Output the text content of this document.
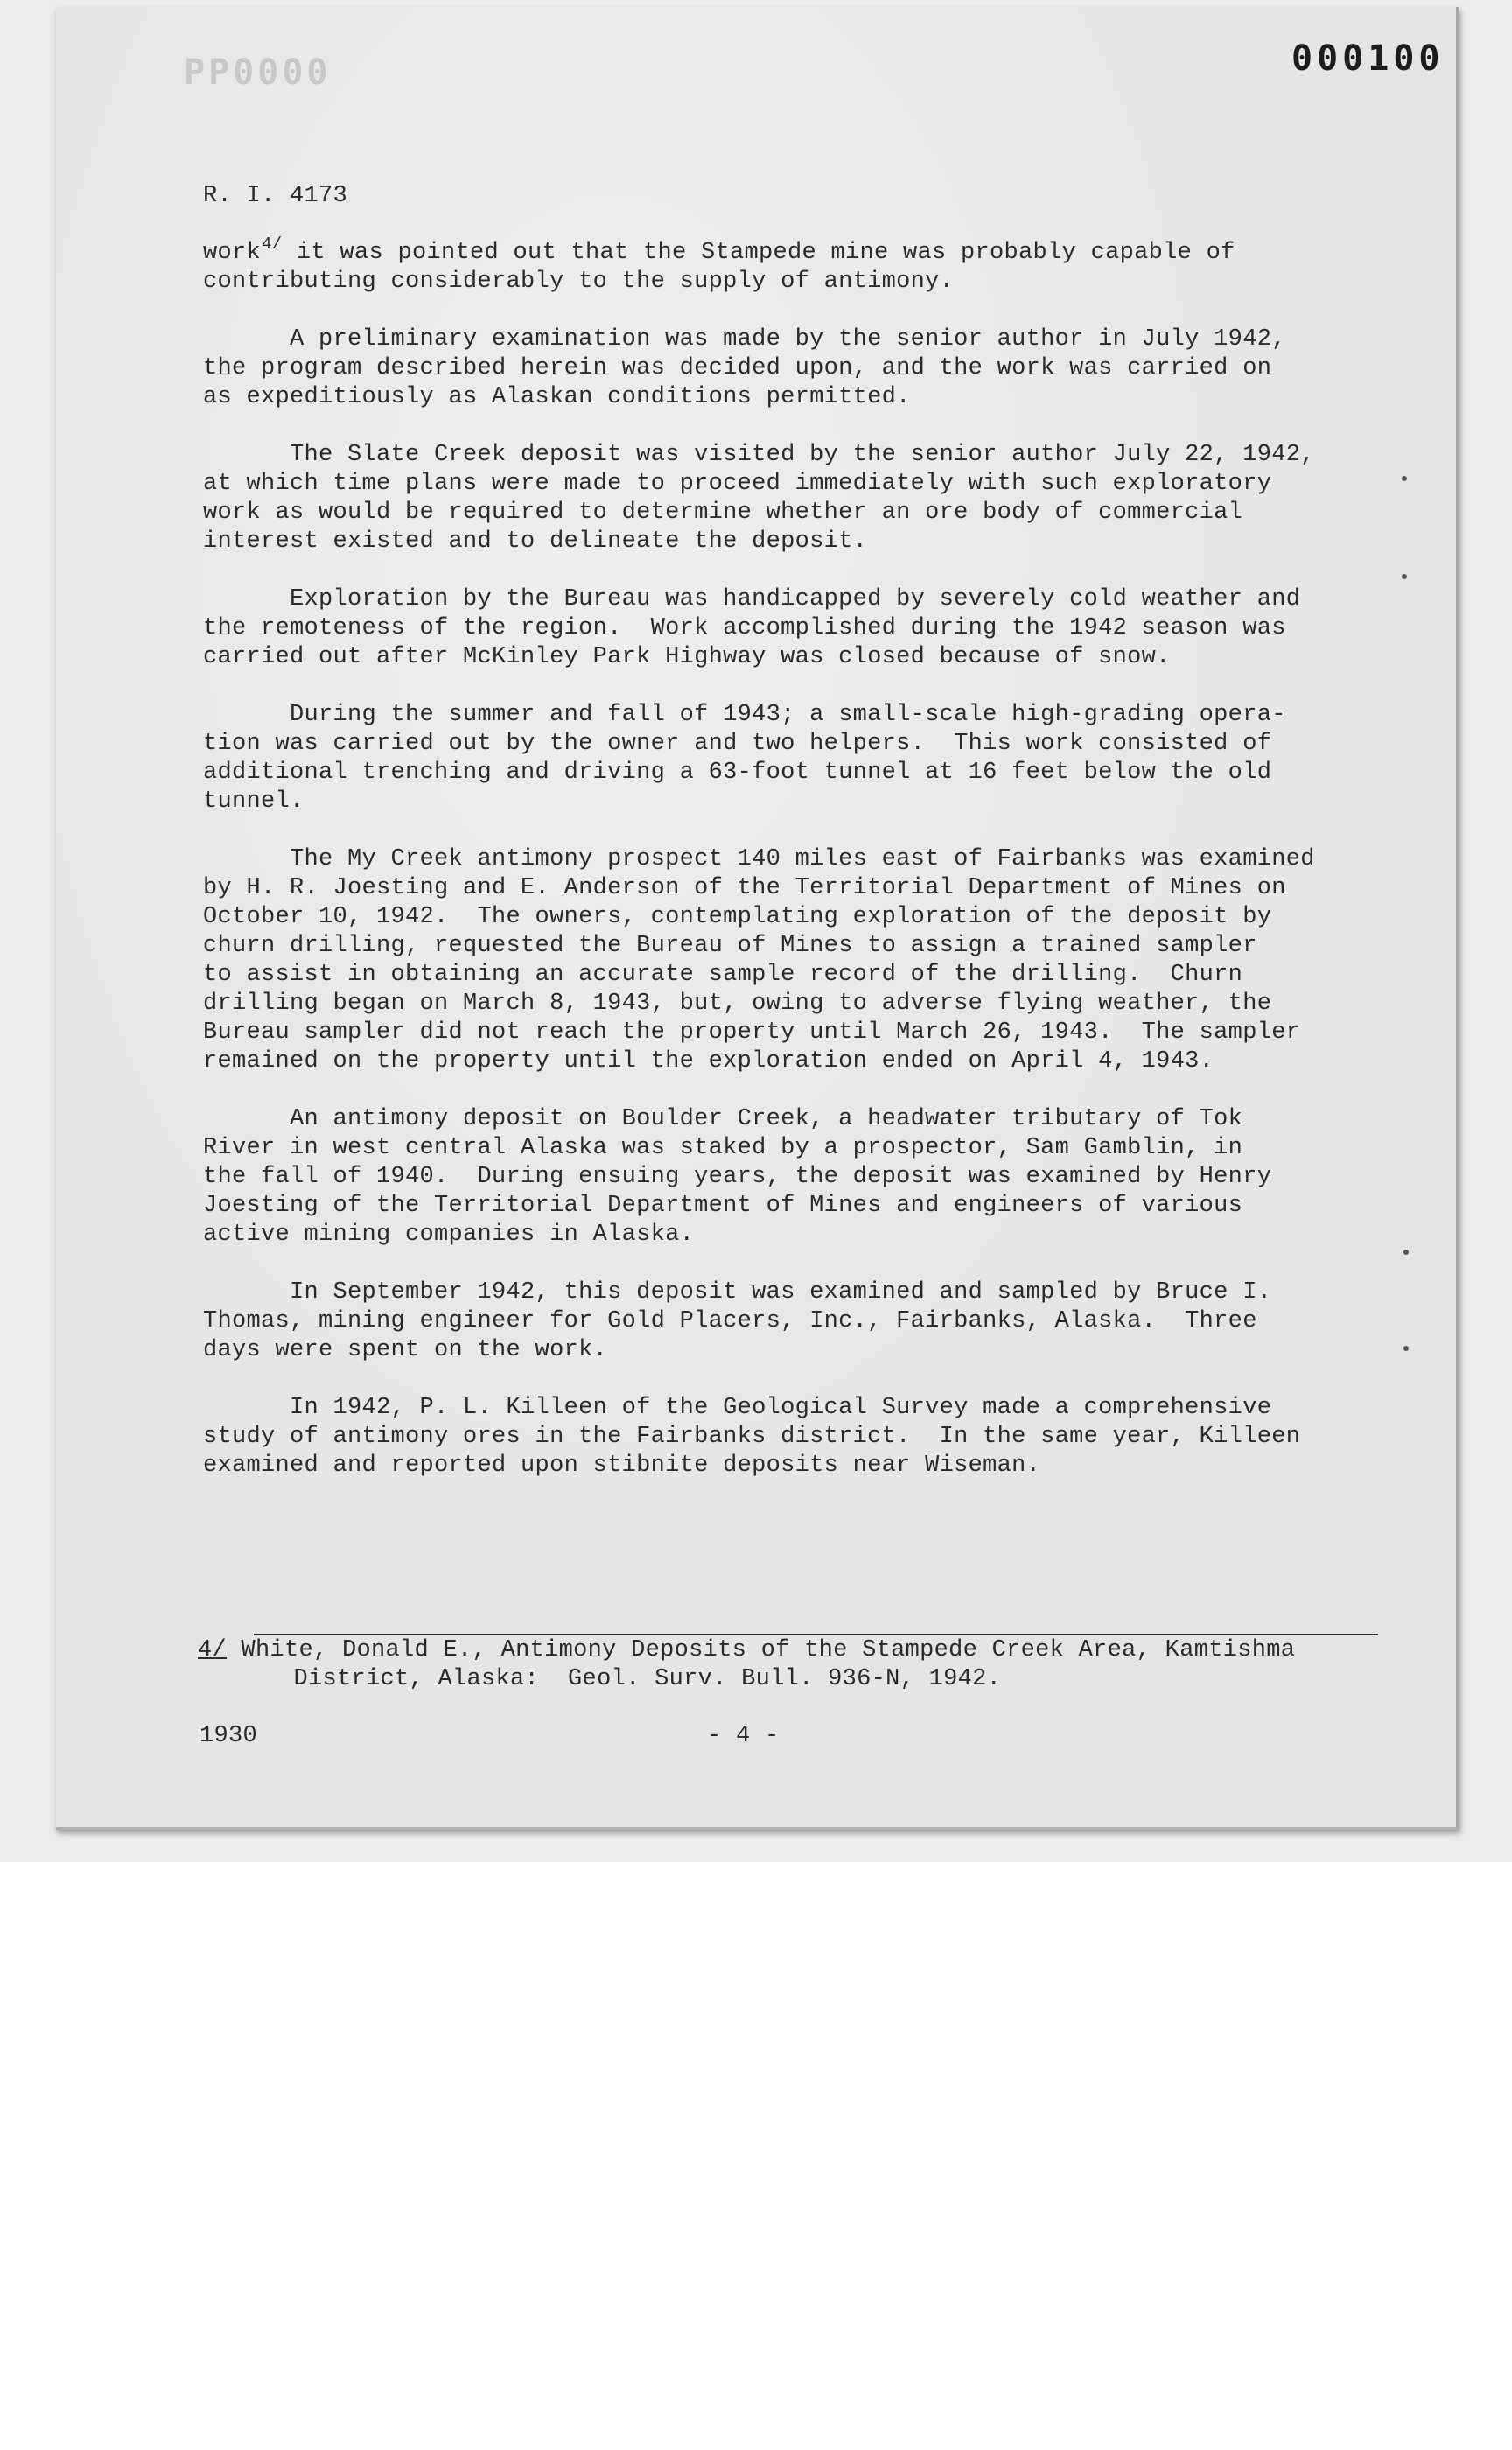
PP0000	000100
R. I. 4173
work$^{4/}$ it was pointed out that the Stampede mine was probably capable of
contributing considerably to the supply of antimony.
A preliminary examination was made by the senior author in July 1942,
the program described herein was decided upon, and the work was carried on
as expeditiously as Alaskan conditions permitted.
The Slate Creek deposit was visited by the senior author July 22, 1942,
at which time plans were made to proceed immediately with such exploratory
work as would be required to determine whether an ore body of commercial
interest existed and to delineate the deposit.
Exploration by the Bureau was handicapped by severely cold weather and
the remoteness of the region.  Work accomplished during the 1942 season was
carried out after McKinley Park Highway was closed because of snow.
During the summer and fall of 1943; a small-scale high-grading opera-
tion was carried out by the owner and two helpers.  This work consisted of
additional trenching and driving a 63-foot tunnel at 16 feet below the old
tunnel.
The My Creek antimony prospect 140 miles east of Fairbanks was examined
by H. R. Joesting and E. Anderson of the Territorial Department of Mines on
October 10, 1942.  The owners, contemplating exploration of the deposit by
churn drilling, requested the Bureau of Mines to assign a trained sampler
to assist in obtaining an accurate sample record of the drilling.  Churn
drilling began on March 8, 1943, but, owing to adverse flying weather, the
Bureau sampler did not reach the property until March 26, 1943.  The sampler
remained on the property until the exploration ended on April 4, 1943.
An antimony deposit on Boulder Creek, a headwater tributary of Tok
River in west central Alaska was staked by a prospector, Sam Gamblin, in
the fall of 1940.  During ensuing years, the deposit was examined by Henry
Joesting of the Territorial Department of Mines and engineers of various
active mining companies in Alaska.
In September 1942, this deposit was examined and sampled by Bruce I.
Thomas, mining engineer for Gold Placers, Inc., Fairbanks, Alaska.  Three
days were spent on the work.
In 1942, P. L. Killeen of the Geological Survey made a comprehensive
study of antimony ores in the Fairbanks district.  In the same year, Killeen
examined and reported upon stibnite deposits near Wiseman.
4/ White, Donald E., Antimony Deposits of the Stampede Creek Area, Kamtishma
District, Alaska:  Geol. Surv. Bull. 936-N, 1942.
1930	- 4 -
